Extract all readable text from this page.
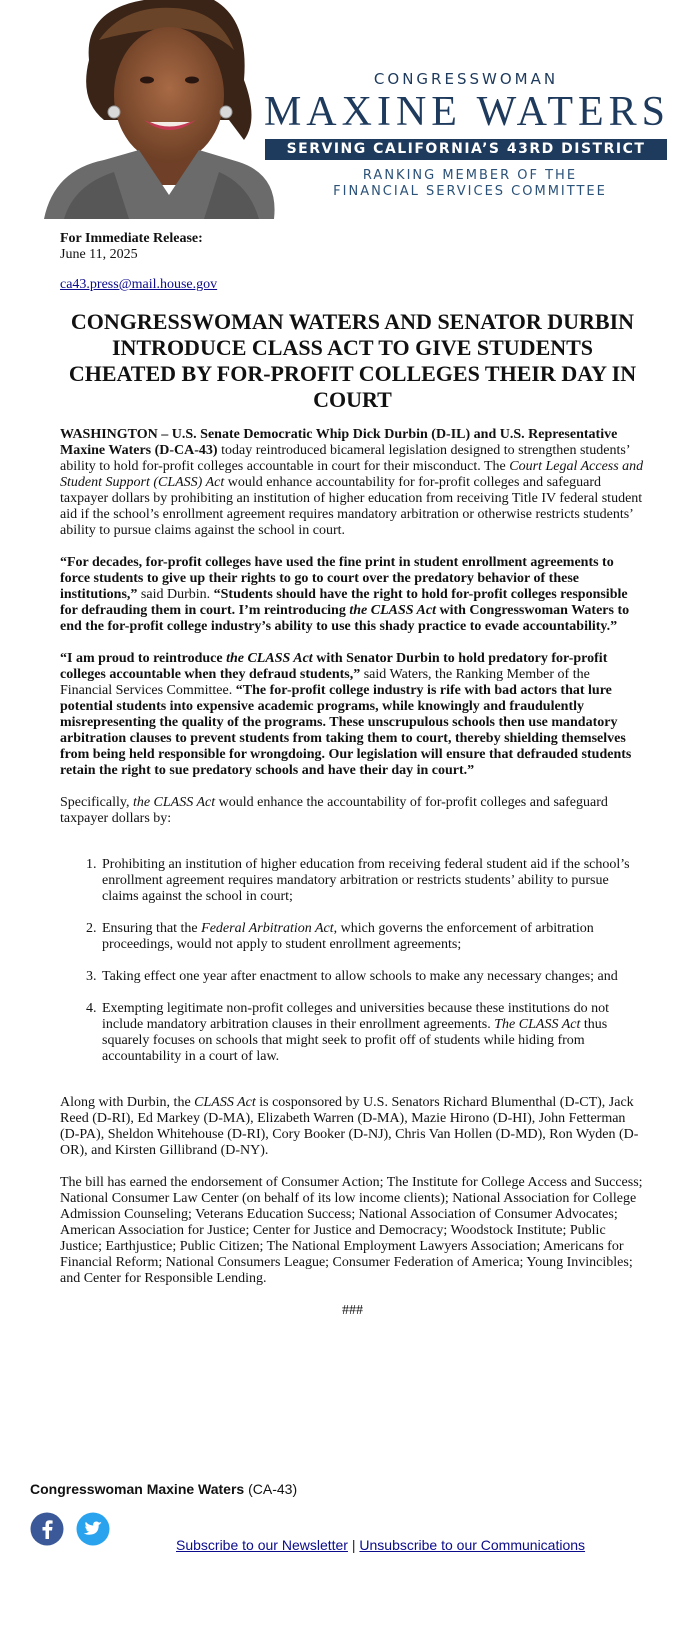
CONGRESSWOMAN
MAXINE WATERS
SERVING CALIFORNIA’S 43RD DISTRICT
RANKING MEMBER OF THE
FINANCIAL SERVICES COMMITTEE

For Immediate Release:

June 11, 2025

ca43.press@mail.house.gov
CONGRESSWOMAN WATERS AND SENATOR DURBIN INTRODUCE CLASS ACT TO GIVE STUDENTS CHEATED BY FOR-PROFIT COLLEGES THEIR DAY IN COURT

WASHINGTON – U.S. Senate Democratic Whip Dick Durbin (D-IL) and U.S. Representative Maxine Waters (D-CA-43) today reintroduced bicameral legislation designed to strengthen students’ ability to hold for-profit colleges accountable in court for their misconduct. The Court Legal Access and Student Support (CLASS) Act would enhance accountability for for-profit colleges and safeguard taxpayer dollars by prohibiting an institution of higher education from receiving Title IV federal student aid if the school’s enrollment agreement requires mandatory arbitration or otherwise restricts students’ ability to pursue claims against the school in court.

“For decades, for-profit colleges have used the fine print in student enrollment agreements to force students to give up their rights to go to court over the predatory behavior of these institutions,” said Durbin. “Students should have the right to hold for-profit colleges responsible for defrauding them in court. I’m reintroducing the CLASS Act with Congresswoman Waters to end the for-profit college industry’s ability to use this shady practice to evade accountability.”

“I am proud to reintroduce the CLASS Act with Senator Durbin to hold predatory for-profit colleges accountable when they defraud students,” said Waters, the Ranking Member of the Financial Services Committee. “The for-profit college industry is rife with bad actors that lure potential students into expensive academic programs, while knowingly and fraudulently misrepresenting the quality of the programs. These unscrupulous schools then use mandatory arbitration clauses to prevent students from taking them to court, thereby shielding themselves from being held responsible for wrongdoing. Our legislation will ensure that defrauded students retain the right to sue predatory schools and have their day in court.”

Specifically, the CLASS Act would enhance the accountability of for-profit colleges and safeguard taxpayer dollars by:

1. Prohibiting an institution of higher education from receiving federal student aid if the school’s enrollment agreement requires mandatory arbitration or restricts students’ ability to pursue claims against the school in court;
2. Ensuring that the Federal Arbitration Act, which governs the enforcement of arbitration proceedings, would not apply to student enrollment agreements;
3. Taking effect one year after enactment to allow schools to make any necessary changes; and
4. Exempting legitimate non-profit colleges and universities because these institutions do not include mandatory arbitration clauses in their enrollment agreements. The CLASS Act thus squarely focuses on schools that might seek to profit off of students while hiding from accountability in a court of law.

Along with Durbin, the CLASS Act is cosponsored by U.S. Senators Richard Blumenthal (D-CT), Jack Reed (D-RI), Ed Markey (D-MA), Elizabeth Warren (D-MA), Mazie Hirono (D-HI), John Fetterman (D-PA), Sheldon Whitehouse (D-RI), Cory Booker (D-NJ), Chris Van Hollen (D-MD), Ron Wyden (D-OR), and Kirsten Gillibrand (D-NY).

The bill has earned the endorsement of Consumer Action; The Institute for College Access and Success; National Consumer Law Center (on behalf of its low income clients); National Association for College Admission Counseling; Veterans Education Success; National Association of Consumer Advocates; American Association for Justice; Center for Justice and Democracy; Woodstock Institute; Public Justice; Earthjustice; Public Citizen; The National Employment Lawyers Association; Americans for Financial Reform; National Consumers League; Consumer Federation of America; Young Invincibles; and Center for Responsible Lending.

###

Congresswoman Maxine Waters (CA-43)

Subscribe to our Newsletter | Unsubscribe to our Communications
